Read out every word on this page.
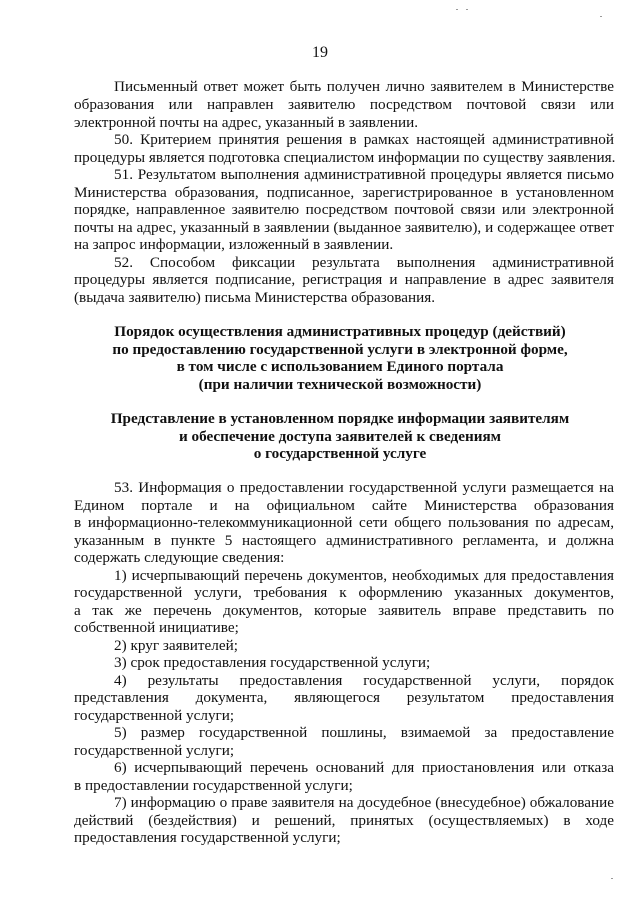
19
Письменный ответ может быть получен лично заявителем в Министерстве
образования или направлен заявителю посредством почтовой связи или
электронной почты на адрес, указанный в заявлении.
50. Критерием принятия решения в рамках настоящей административной
процедуры является подготовка специалистом информации по существу заявления.
51. Результатом выполнения административной процедуры является письмо
Министерства образования, подписанное, зарегистрированное в установленном
порядке, направленное заявителю посредством почтовой связи или электронной
почты на адрес, указанный в заявлении (выданное заявителю), и содержащее ответ
на запрос информации, изложенный в заявлении.
52. Способом фиксации результата выполнения административной
процедуры является подписание, регистрация и направление в адрес заявителя
(выдача заявителю) письма Министерства образования.
Порядок осуществления административных процедур (действий)
по предоставлению государственной услуги в электронной форме,
в том числе с использованием Единого портала
(при наличии технической возможности)
Представление в установленном порядке информации заявителям
и обеспечение доступа заявителей к сведениям
о государственной услуге
53. Информация о предоставлении государственной услуги размещается на
Едином портале и на официальном сайте Министерства образования
в информационно-телекоммуникационной сети общего пользования по адресам,
указанным в пункте 5 настоящего административного регламента, и должна
содержать следующие сведения:
1) исчерпывающий перечень документов, необходимых для предоставления
государственной услуги, требования к оформлению указанных документов,
а так же перечень документов, которые заявитель вправе представить по
собственной инициативе;
2) круг заявителей;
3) срок предоставления государственной услуги;
4) результаты предоставления государственной услуги, порядок
представления документа, являющегося результатом предоставления
государственной услуги;
5) размер государственной пошлины, взимаемой за предоставление
государственной услуги;
6) исчерпывающий перечень оснований для приостановления или отказа
в предоставлении государственной услуги;
7) информацию о праве заявителя на досудебное (внесудебное) обжалование
действий (бездействия) и решений, принятых (осуществляемых) в ходе
предоставления государственной услуги;
